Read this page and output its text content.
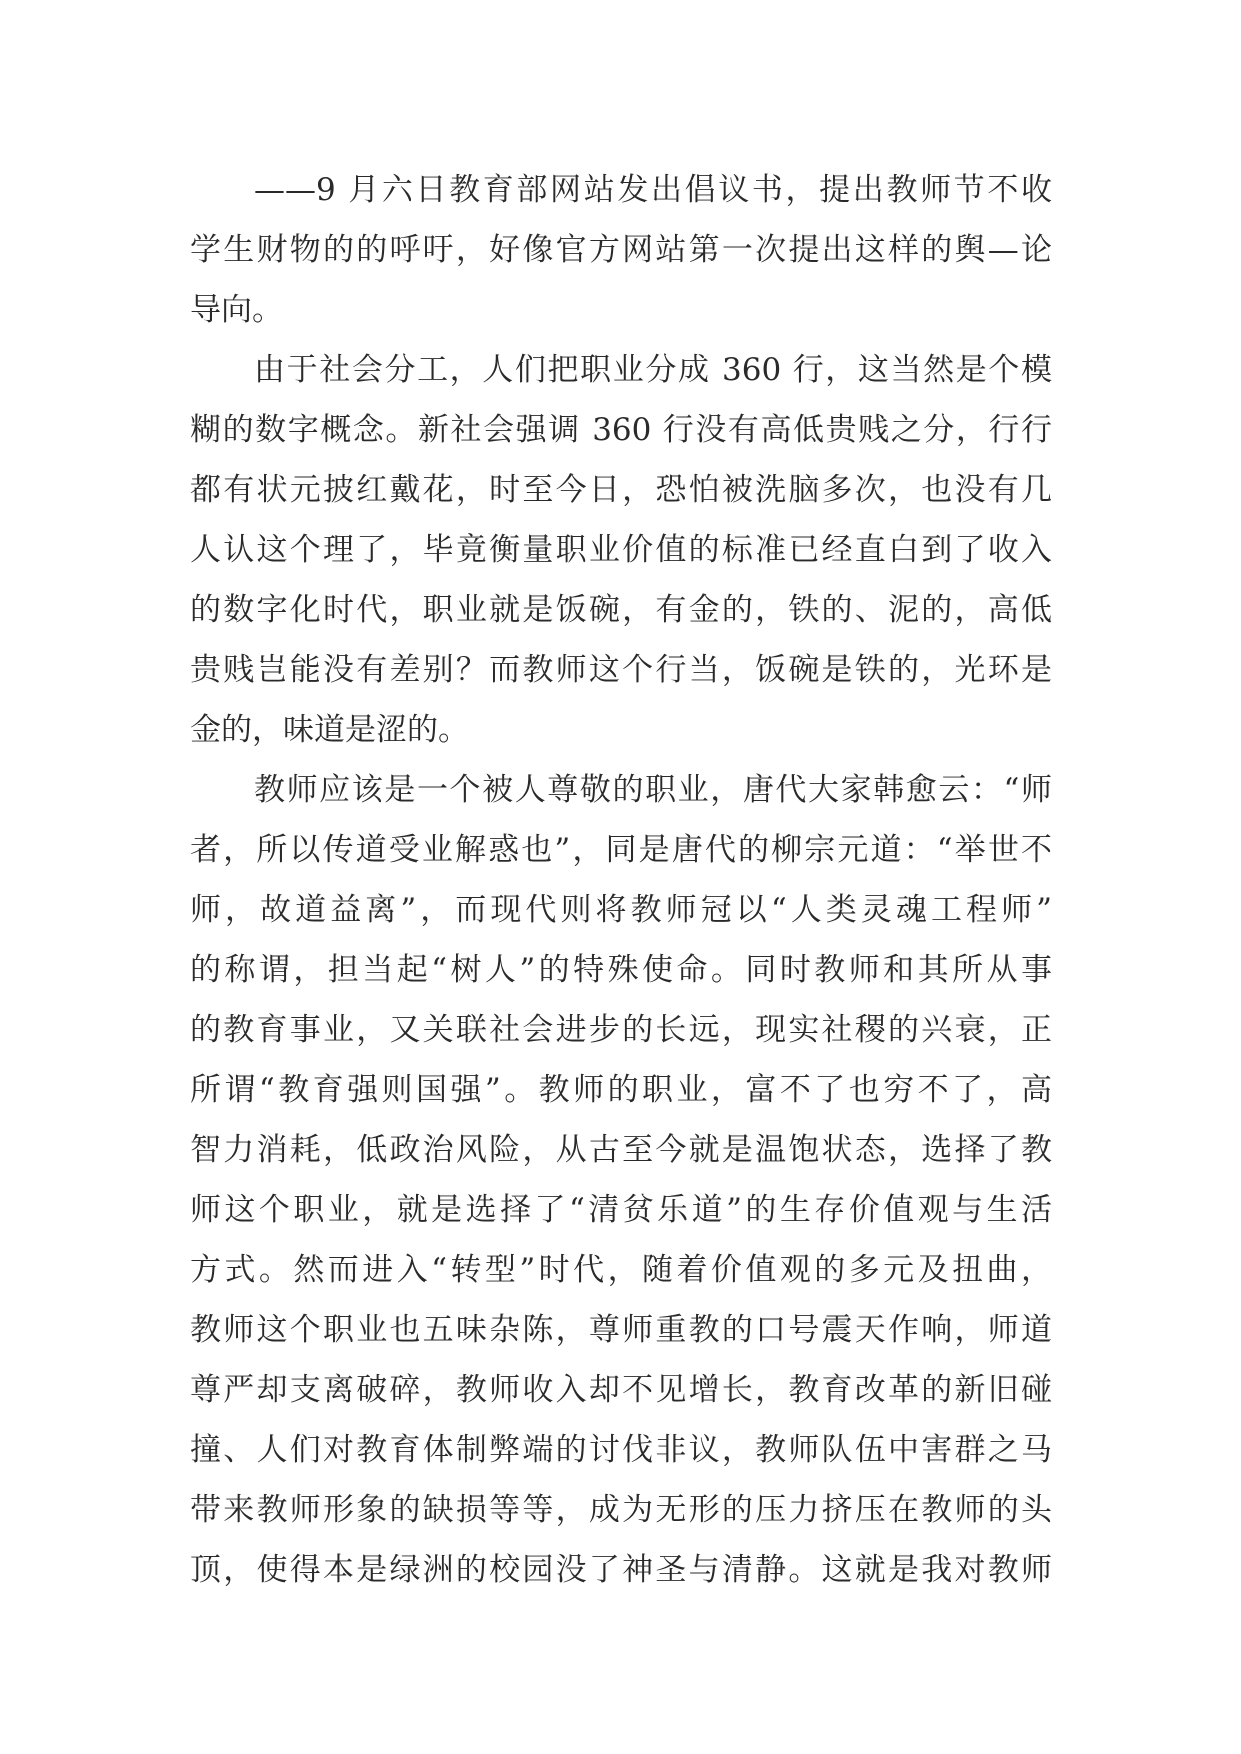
——9 月六日教育部网站发出倡议书，提出教师节不收
学生财物的的呼吁，好像官方网站第一次提出这样的舆—论
导向。
由于社会分工，人们把职业分成 360 行，这当然是个模
糊的数字概念。新社会强调 360 行没有高低贵贱之分，行行
都有状元披红戴花，时至今日，恐怕被洗脑多次，也没有几
人认这个理了，毕竟衡量职业价值的标准已经直白到了收入
的数字化时代，职业就是饭碗，有金的，铁的、泥的，高低
贵贱岂能没有差别？而教师这个行当，饭碗是铁的，光环是
金的，味道是涩的。
教师应该是一个被人尊敬的职业，唐代大家韩愈云：“师
者，所以传道受业解惑也”，同是唐代的柳宗元道：“举世不
师，故道益离”，而现代则将教师冠以“人类灵魂工程师”
的称谓，担当起“树人”的特殊使命。同时教师和其所从事
的教育事业，又关联社会进步的长远，现实社稷的兴衰，正
所谓“教育强则国强”。教师的职业，富不了也穷不了，高
智力消耗，低政治风险，从古至今就是温饱状态，选择了教
师这个职业，就是选择了“清贫乐道”的生存价值观与生活
方式。然而进入“转型”时代，随着价值观的多元及扭曲，
教师这个职业也五味杂陈，尊师重教的口号震天作响，师道
尊严却支离破碎，教师收入却不见增长，教育改革的新旧碰
撞、人们对教育体制弊端的讨伐非议，教师队伍中害群之马
带来教师形象的缺损等等，成为无形的压力挤压在教师的头
顶，使得本是绿洲的校园没了神圣与清静。这就是我对教师
